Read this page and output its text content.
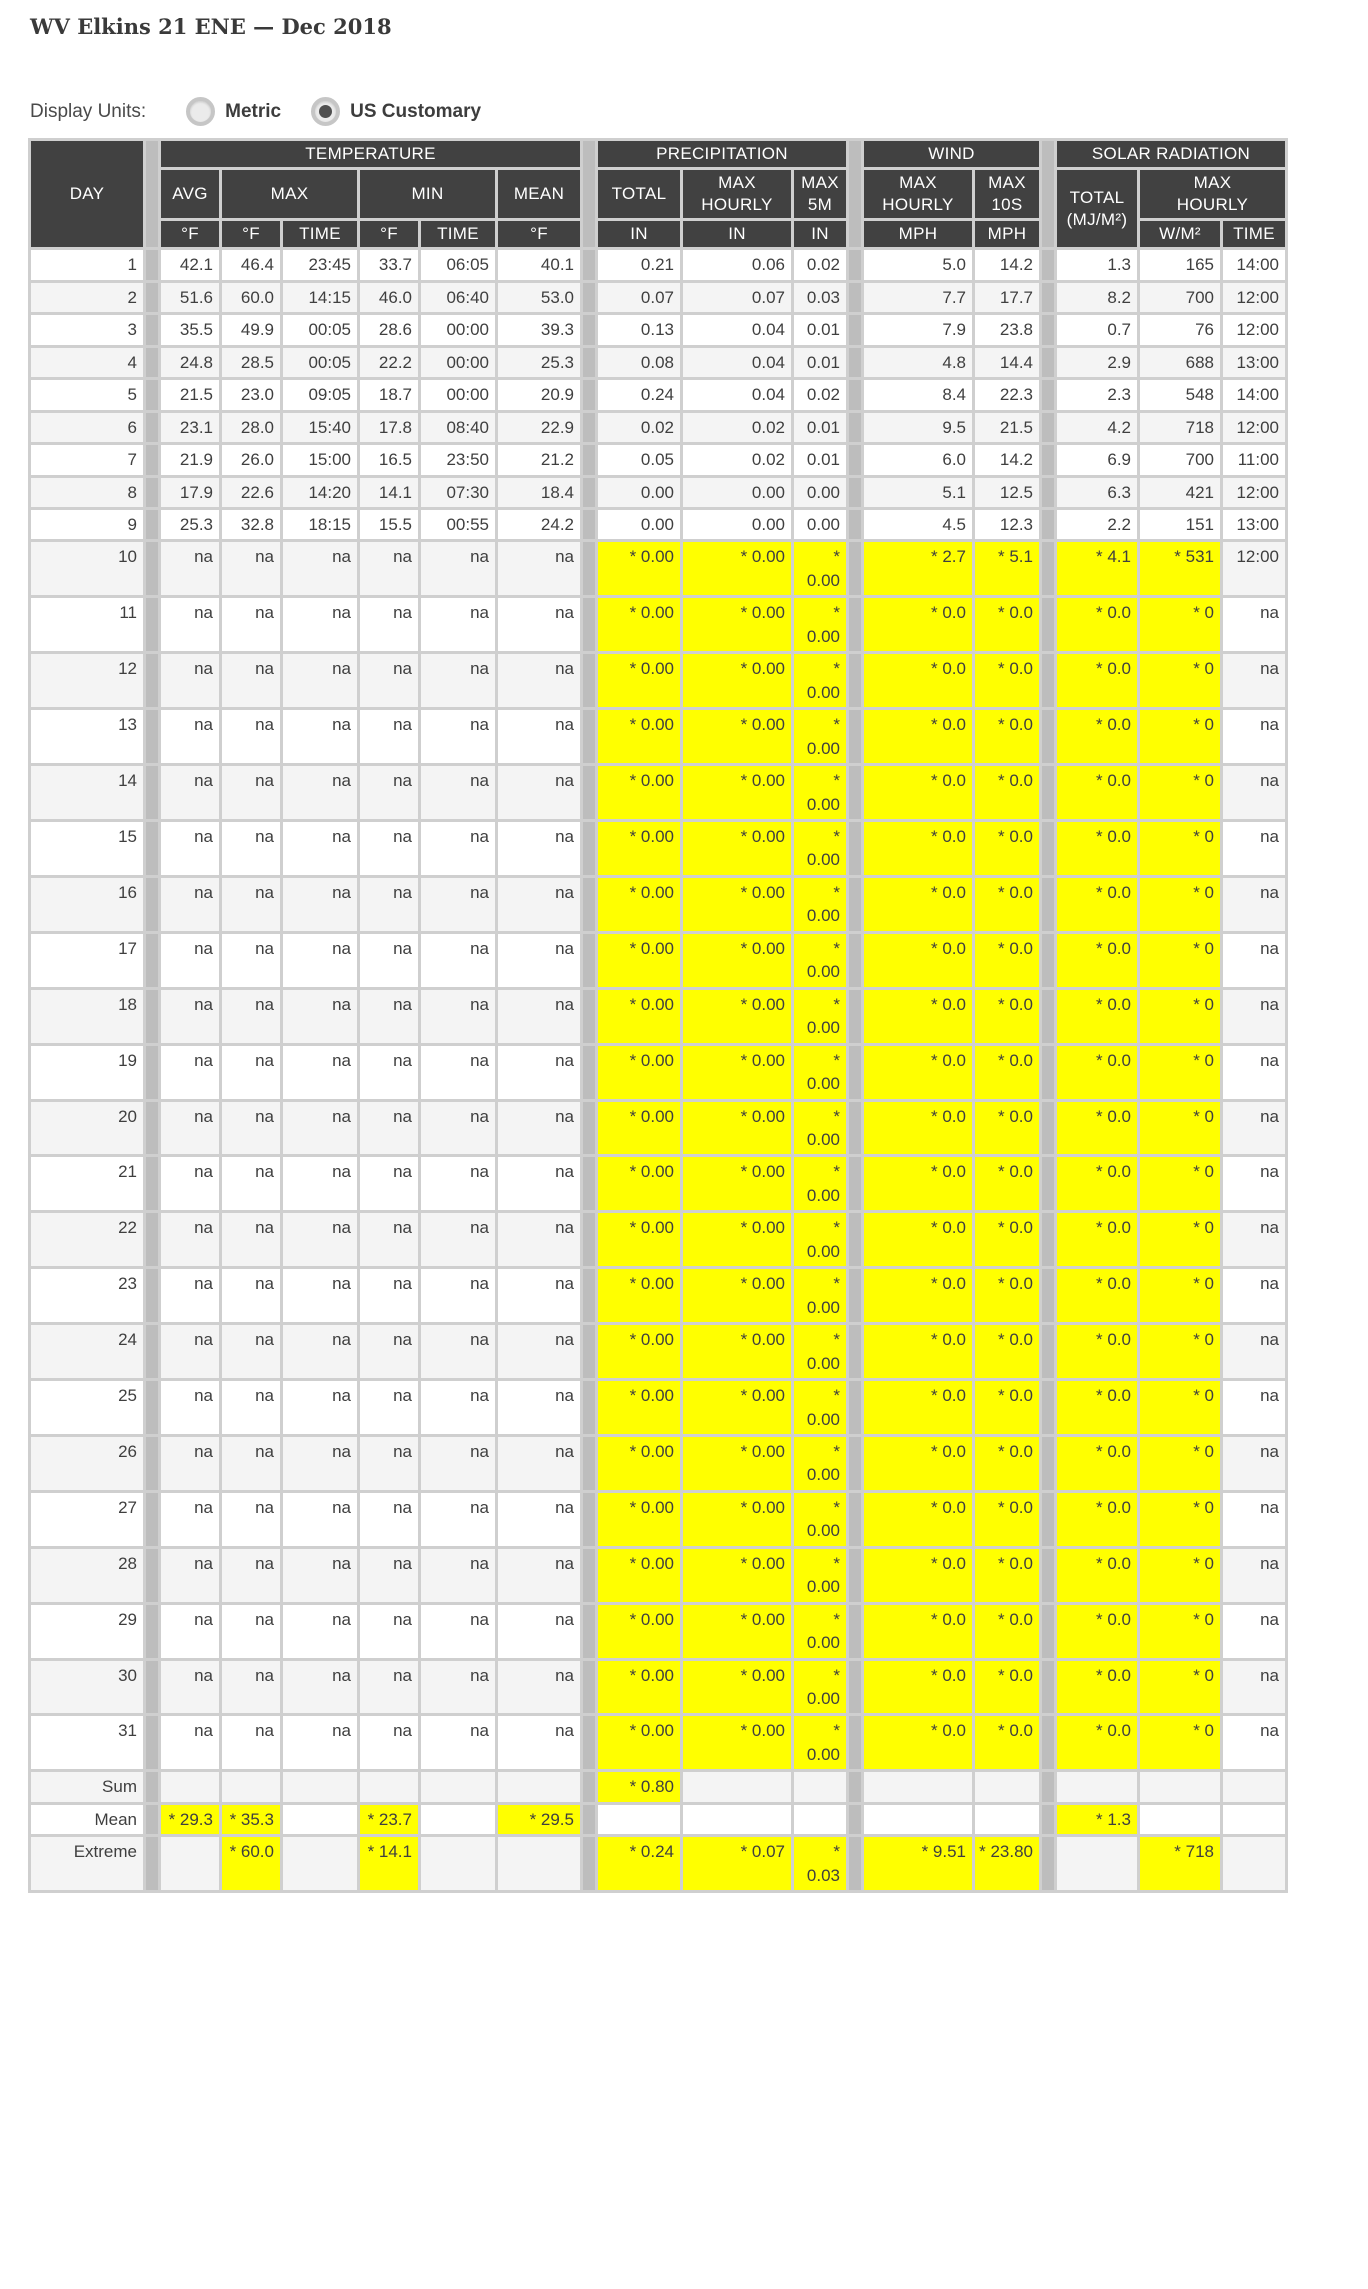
WV Elkins 21 ENE — Dec 2018
Display Units:	Metric	US Customary
DAY		TEMPERATURE							PRECIPITATION				WIND			SOLAR RADIATION		
		AVG	MAX		MIN		MEAN		TOTAL	MAX HOURLY	MAX 5M		MAX HOURLY	MAX 10S		TOTAL (MJ/M²)	MAX HOURLY	
		°F	°F	TIME	°F	TIME	°F		IN	IN	IN		MPH	MPH			W/M²	TIME
1		42.1	46.4	23:45	33.7	06:05	40.1		0.21	0.06	0.02		5.0	14.2		1.3	165	14:00
2		51.6	60.0	14:15	46.0	06:40	53.0		0.07	0.07	0.03		7.7	17.7		8.2	700	12:00
3		35.5	49.9	00:05	28.6	00:00	39.3		0.13	0.04	0.01		7.9	23.8		0.7	76	12:00
4		24.8	28.5	00:05	22.2	00:00	25.3		0.08	0.04	0.01		4.8	14.4		2.9	688	13:00
5		21.5	23.0	09:05	18.7	00:00	20.9		0.24	0.04	0.02		8.4	22.3		2.3	548	14:00
6		23.1	28.0	15:40	17.8	08:40	22.9		0.02	0.02	0.01		9.5	21.5		4.2	718	12:00
7		21.9	26.0	15:00	16.5	23:50	21.2		0.05	0.02	0.01		6.0	14.2		6.9	700	11:00
8		17.9	22.6	14:20	14.1	07:30	18.4		0.00	0.00	0.00		5.1	12.5		6.3	421	12:00
9		25.3	32.8	18:15	15.5	00:55	24.2		0.00	0.00	0.00		4.5	12.3		2.2	151	13:00
10		na	na	na	na	na	na		* 0.00	* 0.00	* 0.00		* 2.7	* 5.1		* 4.1	* 531	12:00
11		na	na	na	na	na	na		* 0.00	* 0.00	* 0.00		* 0.0	* 0.0		* 0.0	* 0	na
12		na	na	na	na	na	na		* 0.00	* 0.00	* 0.00		* 0.0	* 0.0		* 0.0	* 0	na
13		na	na	na	na	na	na		* 0.00	* 0.00	* 0.00		* 0.0	* 0.0		* 0.0	* 0	na
14		na	na	na	na	na	na		* 0.00	* 0.00	* 0.00		* 0.0	* 0.0		* 0.0	* 0	na
15		na	na	na	na	na	na		* 0.00	* 0.00	* 0.00		* 0.0	* 0.0		* 0.0	* 0	na
16		na	na	na	na	na	na		* 0.00	* 0.00	* 0.00		* 0.0	* 0.0		* 0.0	* 0	na
17		na	na	na	na	na	na		* 0.00	* 0.00	* 0.00		* 0.0	* 0.0		* 0.0	* 0	na
18		na	na	na	na	na	na		* 0.00	* 0.00	* 0.00		* 0.0	* 0.0		* 0.0	* 0	na
19		na	na	na	na	na	na		* 0.00	* 0.00	* 0.00		* 0.0	* 0.0		* 0.0	* 0	na
20		na	na	na	na	na	na		* 0.00	* 0.00	* 0.00		* 0.0	* 0.0		* 0.0	* 0	na
21		na	na	na	na	na	na		* 0.00	* 0.00	* 0.00		* 0.0	* 0.0		* 0.0	* 0	na
22		na	na	na	na	na	na		* 0.00	* 0.00	* 0.00		* 0.0	* 0.0		* 0.0	* 0	na
23		na	na	na	na	na	na		* 0.00	* 0.00	* 0.00		* 0.0	* 0.0		* 0.0	* 0	na
24		na	na	na	na	na	na		* 0.00	* 0.00	* 0.00		* 0.0	* 0.0		* 0.0	* 0	na
25		na	na	na	na	na	na		* 0.00	* 0.00	* 0.00		* 0.0	* 0.0		* 0.0	* 0	na
26		na	na	na	na	na	na		* 0.00	* 0.00	* 0.00		* 0.0	* 0.0		* 0.0	* 0	na
27		na	na	na	na	na	na		* 0.00	* 0.00	* 0.00		* 0.0	* 0.0		* 0.0	* 0	na
28		na	na	na	na	na	na		* 0.00	* 0.00	* 0.00		* 0.0	* 0.0		* 0.0	* 0	na
29		na	na	na	na	na	na		* 0.00	* 0.00	* 0.00		* 0.0	* 0.0		* 0.0	* 0	na
30		na	na	na	na	na	na		* 0.00	* 0.00	* 0.00		* 0.0	* 0.0		* 0.0	* 0	na
31		na	na	na	na	na	na		* 0.00	* 0.00	* 0.00		* 0.0	* 0.0		* 0.0	* 0	na
Sum									* 0.80									
Mean		* 29.3	* 35.3		* 23.7		* 29.5									* 1.3		
Extreme			* 60.0		* 14.1				* 0.24	* 0.07	* 0.03		* 9.51	* 23.80			* 718	
